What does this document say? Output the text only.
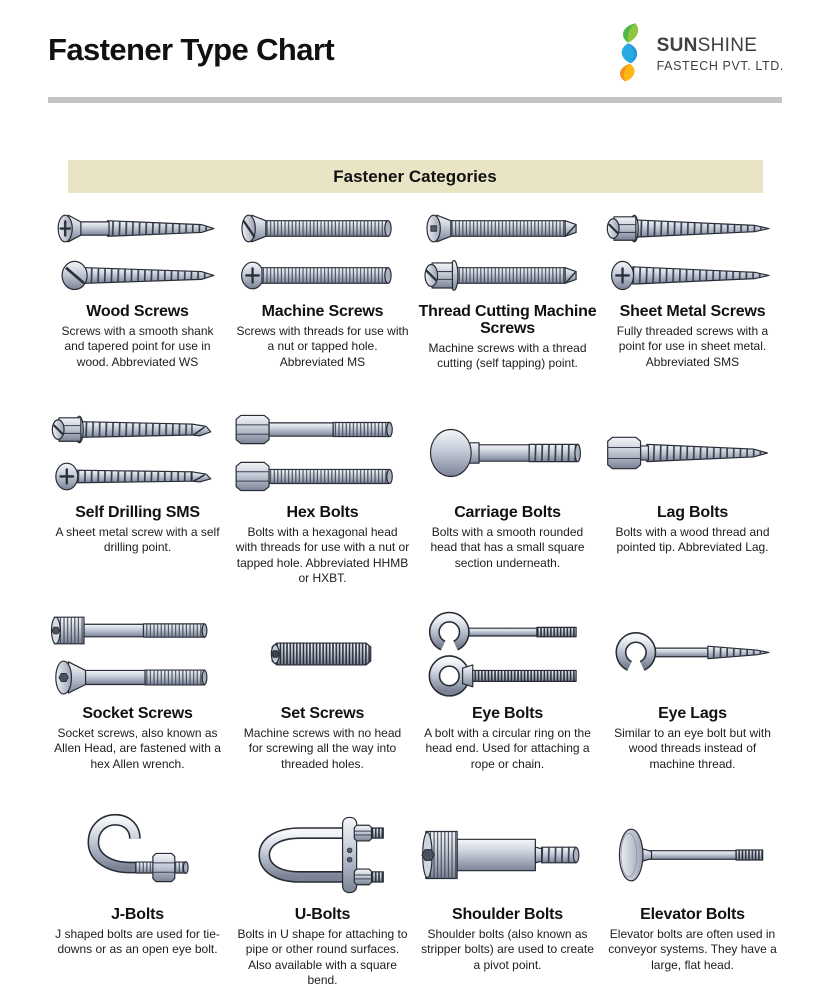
Fastener Type Chart	SUNSHINE
FASTECH PVT. LTD.
Fastener Categories
Wood Screws

Screws with a smooth shank and tapered point for use in wood. Abbreviated WS

Machine Screws

Screws with threads for use with a nut or tapped hole. Abbreviated MS

Thread Cutting Machine Screws

Machine screws with a thread cutting (self tapping) point.

Sheet Metal Screws

Fully threaded screws with a point for use in sheet metal. Abbreviated SMS

Self Drilling SMS

A sheet metal screw with a self drilling point.

Hex Bolts

Bolts with a hexagonal head with threads for use with a nut or tapped hole. Abbreviated HHMB or HXBT.

Carriage Bolts

Bolts with a smooth rounded head that has a small square section underneath.

Lag Bolts

Bolts with a wood thread and pointed tip. Abbreviated Lag.

Socket Screws

Socket screws, also known as Allen Head, are fastened with a hex Allen wrench.

Set Screws

Machine screws with no head for screwing all the way into threaded holes.

Eye Bolts

A bolt with a circular ring on the head end. Used for attaching a rope or chain.

Eye Lags

Similar to an eye bolt but with wood threads instead of machine thread.

J-Bolts

J shaped bolts are used for tie-downs or as an open eye bolt.

U-Bolts

Bolts in U shape for attaching to pipe or other round surfaces. Also available with a square bend.

Shoulder Bolts

Shoulder bolts (also known as stripper bolts) are used to create a pivot point.

Elevator Bolts

Elevator bolts are often used in conveyor systems. They have a large, flat head.
